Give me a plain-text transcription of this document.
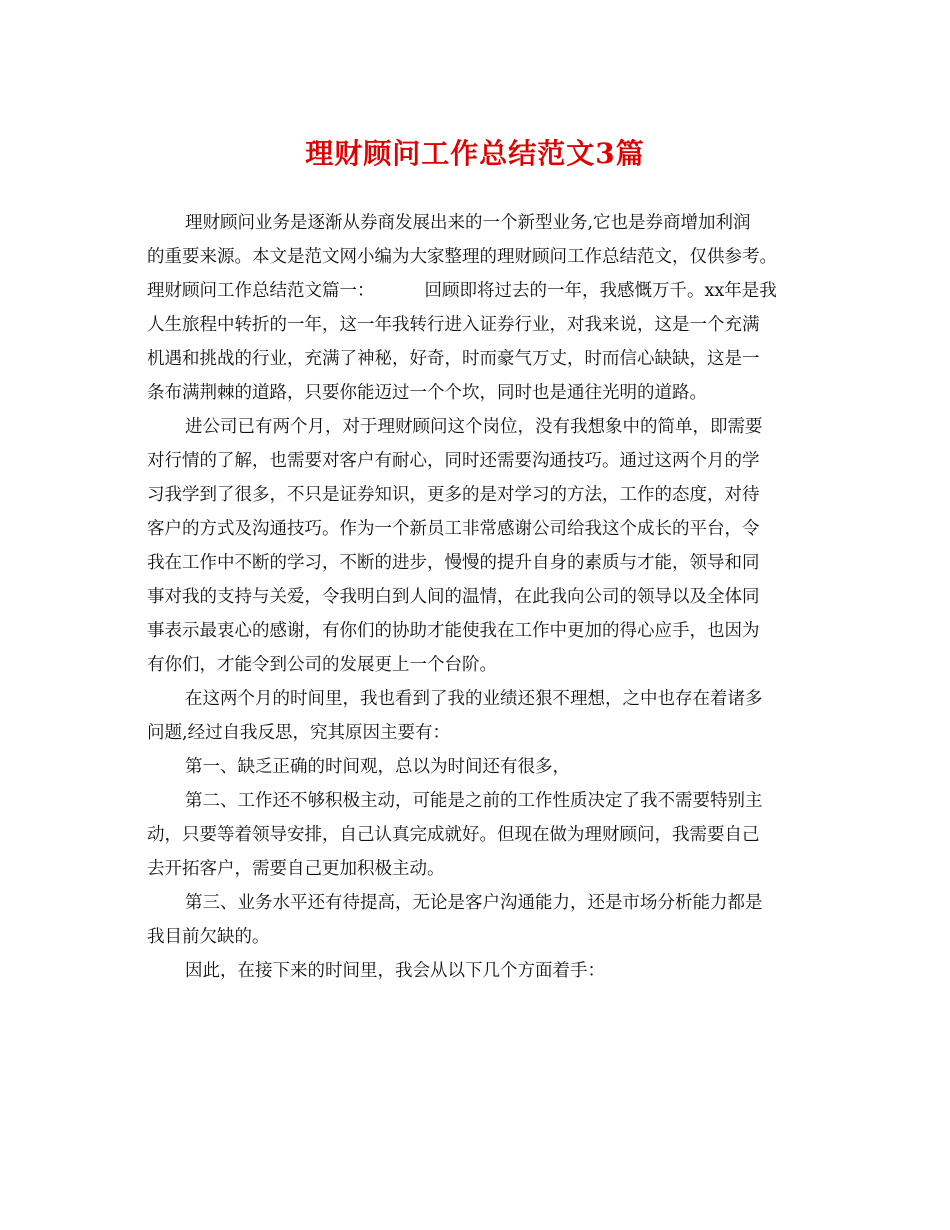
理财顾问工作总结范文3篇
理财顾问业务是逐渐从券商发展出来的一个新型业务,它也是券商增加利润
的重要来源。本文是范文网小编为大家整理的理财顾问工作总结范文，仅供参考。
理财顾问工作总结范文篇一：	回顾即将过去的一年，我感慨万千。xx年是我
人生旅程中转折的一年，这一年我转行进入证券行业，对我来说，这是一个充满
机遇和挑战的行业，充满了神秘，好奇，时而豪气万丈，时而信心缺缺，这是一
条布满荆棘的道路，只要你能迈过一个个坎，同时也是通往光明的道路。
进公司已有两个月，对于理财顾问这个岗位，没有我想象中的简单，即需要
对行情的了解，也需要对客户有耐心，同时还需要沟通技巧。通过这两个月的学
习我学到了很多，不只是证券知识，更多的是对学习的方法，工作的态度，对待
客户的方式及沟通技巧。作为一个新员工非常感谢公司给我这个成长的平台，令
我在工作中不断的学习，不断的进步，慢慢的提升自身的素质与才能，领导和同
事对我的支持与关爱，令我明白到人间的温情，在此我向公司的领导以及全体同
事表示最衷心的感谢，有你们的协助才能使我在工作中更加的得心应手，也因为
有你们，才能令到公司的发展更上一个台阶。
在这两个月的时间里，我也看到了我的业绩还狠不理想，之中也存在着诸多
问题,经过自我反思，究其原因主要有：
第一、缺乏正确的时间观，总以为时间还有很多，
第二、工作还不够积极主动，可能是之前的工作性质决定了我不需要特别主
动，只要等着领导安排，自己认真完成就好。但现在做为理财顾问，我需要自己
去开拓客户，需要自己更加积极主动。
第三、业务水平还有待提高，无论是客户沟通能力，还是市场分析能力都是
我目前欠缺的。
因此，在接下来的时间里，我会从以下几个方面着手：
